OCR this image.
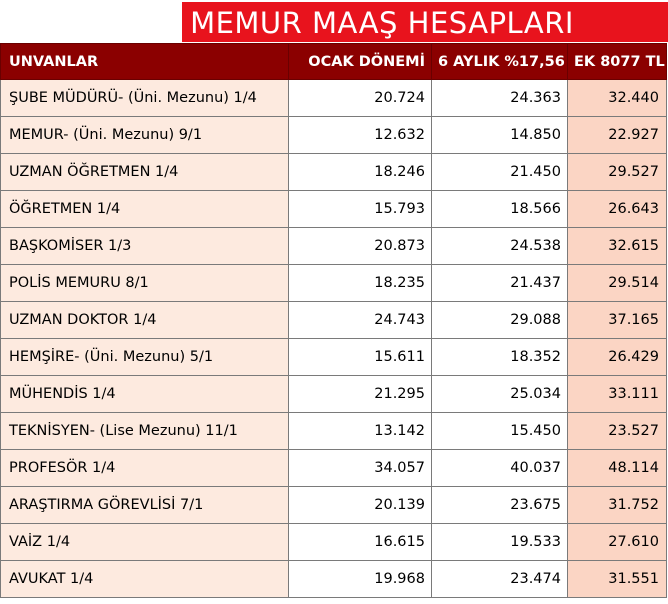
MEMUR MAAŞ HESAPLARI
UNVANLAR	OCAK DÖNEMİ	6 AYLIK %17,56	EK 8077 TL
ŞUBE MÜDÜRÜ- (Üni. Mezunu) 1/4	20.724	24.363	32.440
MEMUR- (Üni. Mezunu) 9/1	12.632	14.850	22.927
UZMAN ÖĞRETMEN 1/4	18.246	21.450	29.527
ÖĞRETMEN 1/4	15.793	18.566	26.643
BAŞKOMİSER 1/3	20.873	24.538	32.615
POLİS MEMURU 8/1	18.235	21.437	29.514
UZMAN DOKTOR 1/4	24.743	29.088	37.165
HEMŞİRE- (Üni. Mezunu) 5/1	15.611	18.352	26.429
MÜHENDİS 1/4	21.295	25.034	33.111
TEKNİSYEN- (Lise Mezunu) 11/1	13.142	15.450	23.527
PROFESÖR 1/4	34.057	40.037	48.114
ARAŞTIRMA GÖREVLİSİ 7/1	20.139	23.675	31.752
VAİZ 1/4	16.615	19.533	27.610
AVUKAT 1/4	19.968	23.474	31.551
